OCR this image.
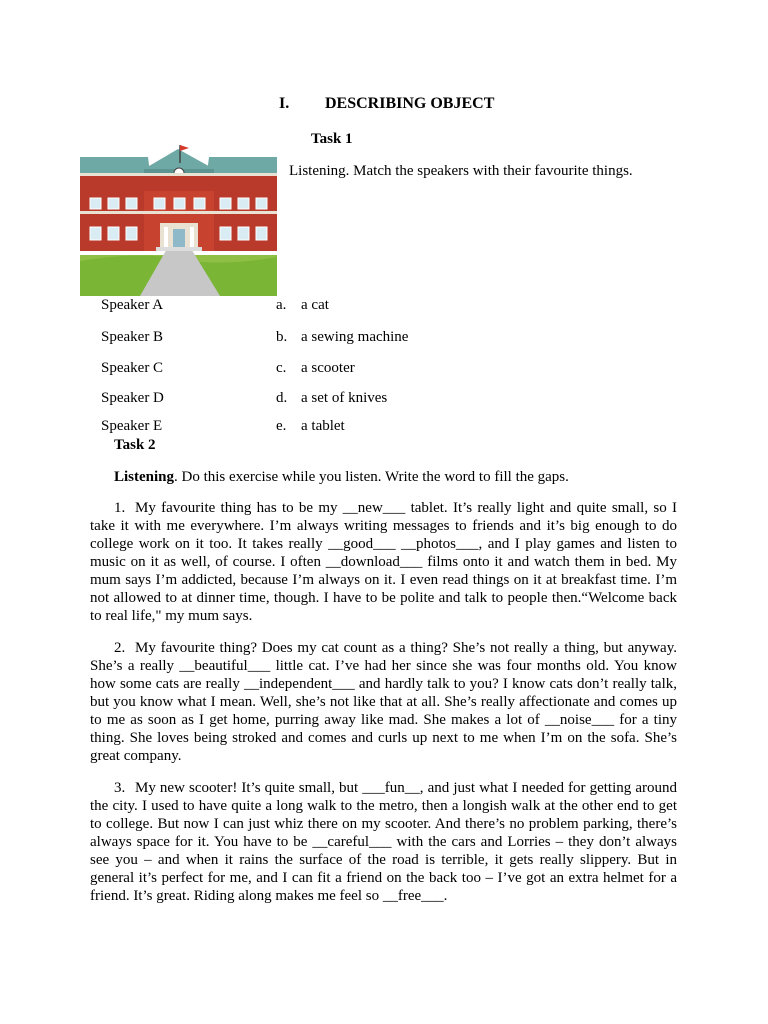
I. DESCRIBING OBJECT
Task 1
Listening. Match the speakers with their favourite things.
Speaker A	a. a cat
Speaker B	b. a sewing machine
Speaker C	c. a scooter
Speaker D	d. a set of knives
Speaker E	e. a tablet
Task 2
Listening. Do this exercise while you listen. Write the word to fill the gaps.
1. My favourite thing has to be my __new___ tablet. It’s really light and quite small, so I take it with me everywhere. I’m always writing messages to friends and it’s big enough to do college work on it too. It takes really __good___ __photos___, and I play games and listen to music on it as well, of course. I often __download___ films onto it and watch them in bed. My mum says I’m addicted, because I’m always on it. I even read things on it at breakfast time. I’m not allowed to at dinner time, though. I have to be polite and talk to people then.“Welcome back to real life," my mum says.
2. My favourite thing? Does my cat count as a thing? She’s not really a thing, but anyway. She’s a really __beautiful___ little cat. I’ve had her since she was four months old. You know how some cats are really __independent___ and hardly talk to you? I know cats don’t really talk, but you know what I mean. Well, she’s not like that at all. She’s really affectionate and comes up to me as soon as I get home, purring away like mad. She makes a lot of __noise___ for a tiny thing. She loves being stroked and comes and curls up next to me when I’m on the sofa. She’s great company.
3. My new scooter! It’s quite small, but ___fun__, and just what I needed for getting around the city. I used to have quite a long walk to the metro, then a longish walk at the other end to get to college. But now I can just whiz there on my scooter. And there’s no problem parking, there’s always space for it. You have to be __careful___ with the cars and Lorries – they don’t always see you – and when it rains the surface of the road is terrible, it gets really slippery. But in general it’s perfect for me, and I can fit a friend on the back too – I’ve got an extra helmet for a friend. It’s great. Riding along makes me feel so __free___.
